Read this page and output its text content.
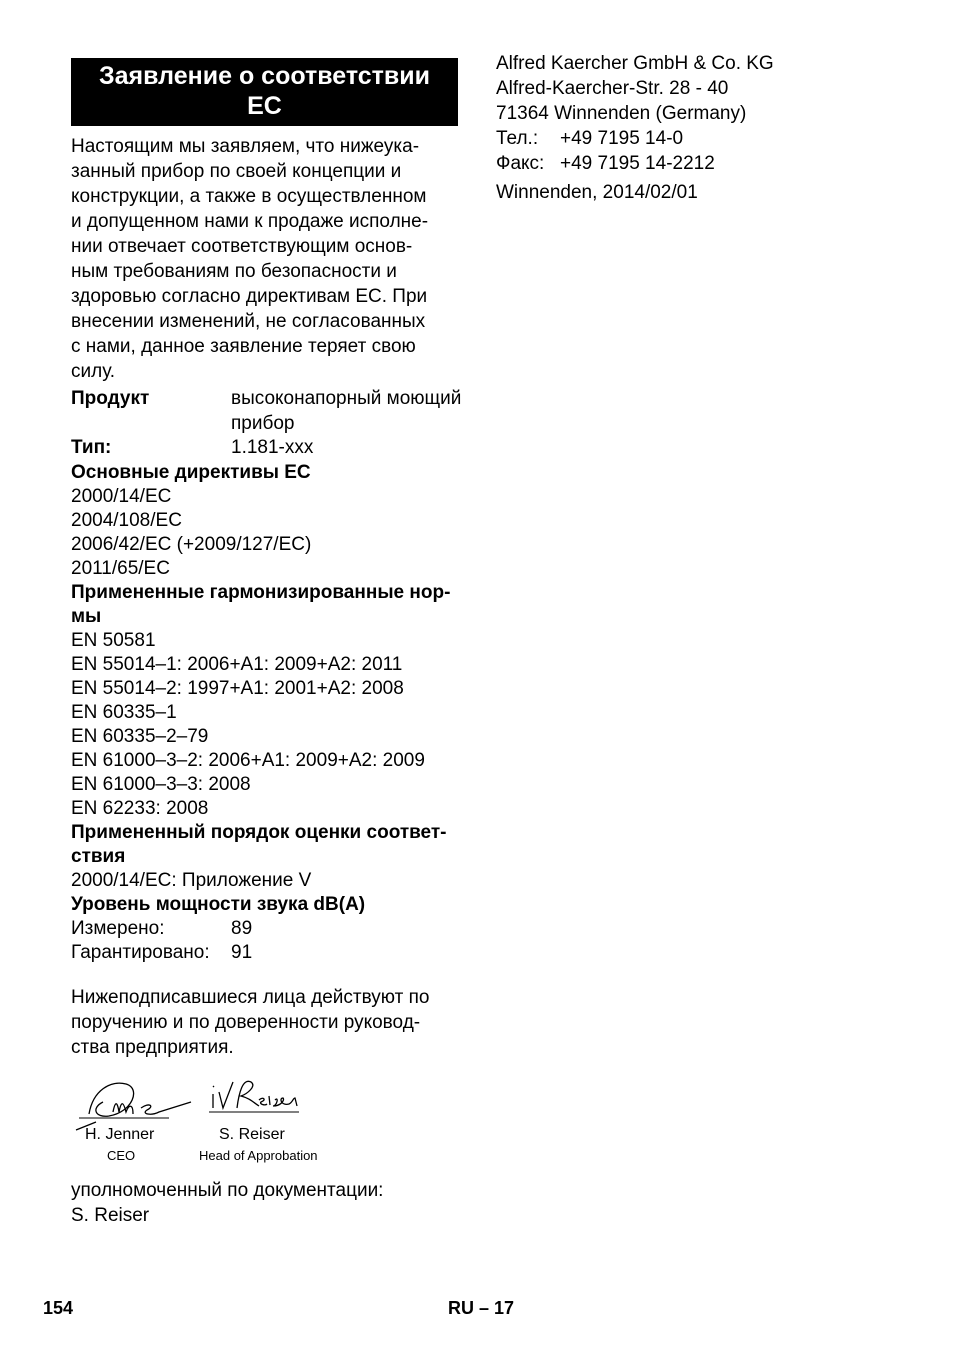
Заявление о соответствии ЕС
Настоящим мы заявляем, что нижеука-
занный прибор по своей концепции и
конструкции, а также в осуществленном
и допущенном нами к продаже исполне-
нии отвечает соответствующим основ-
ным требованиям по безопасности и
здоровью согласно директивам ЕС. При
внесении изменений, не согласованных
с нами, данное заявление теряет свою
силу.
Продукт	высоконапорный моющий
прибор
Тип:	1.181-xxx
Основные директивы ЕС
2000/14/EC
2004/108/EC
2006/42/EC (+2009/127/EC)
2011/65/EC
Примененные гармонизированные нор-
мы
EN 50581
EN 55014–1: 2006+A1: 2009+A2: 2011
EN 55014–2: 1997+A1: 2001+A2: 2008
EN 60335–1
EN 60335–2–79
EN 61000–3–2: 2006+A1: 2009+A2: 2009
EN 61000–3–3: 2008
EN 62233: 2008
Примененный порядок оценки соответ-
ствия
2000/14/EC: Приложение V
Уровень мощности звука dB(A)
Измерено:	89
Гарантировано:	91
Нижеподписавшиеся лица действуют по
поручению и по доверенности руковод-
ства предприятия.
H. Jenner
CEO
S. Reiser
Head of Approbation
уполномоченный по документации:
S. Reiser
Alfred Kaercher GmbH & Co. KG
Alfred-Kaercher-Str. 28 - 40
71364 Winnenden (Germany)
Тел.:	+49 7195 14-0
Факс: +49 7195 14-2212
Winnenden, 2014/02/01
154	RU – 17
